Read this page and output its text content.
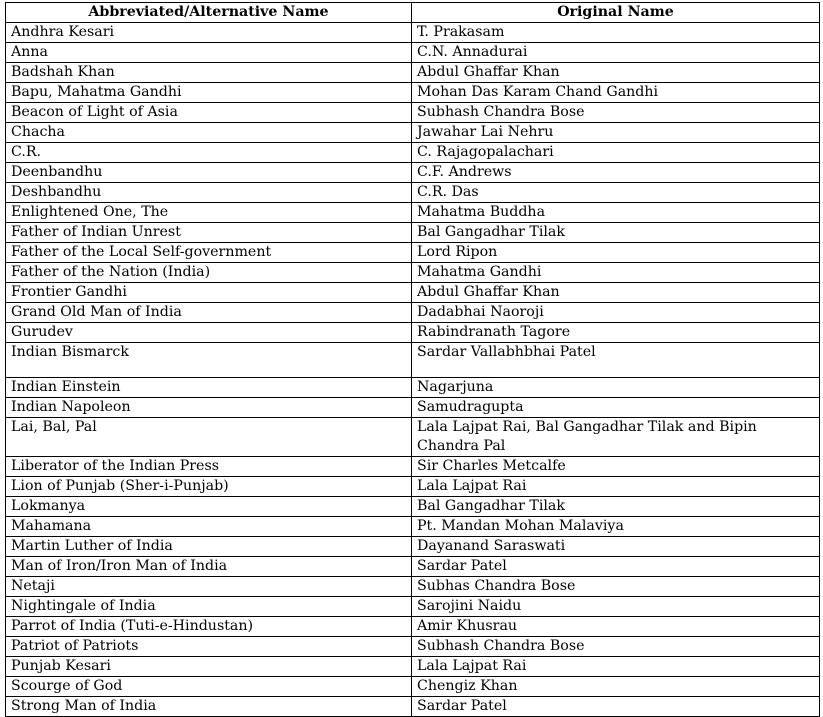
Abbreviated/Alternative Name	Original Name
Andhra Kesari	T. Prakasam
Anna	C.N. Annadurai
Badshah Khan	Abdul Ghaffar Khan
Bapu, Mahatma Gandhi	Mohan Das Karam Chand Gandhi
Beacon of Light of Asia	Subhash Chandra Bose
Chacha	Jawahar Lai Nehru
C.R.	C. Rajagopalachari
Deenbandhu	C.F. Andrews
Deshbandhu	C.R. Das
Enlightened One, The	Mahatma Buddha
Father of Indian Unrest	Bal Gangadhar Tilak
Father of the Local Self-government	Lord Ripon
Father of the Nation (India)	Mahatma Gandhi
Frontier Gandhi	Abdul Ghaffar Khan
Grand Old Man of India	Dadabhai Naoroji
Gurudev	Rabindranath Tagore
Indian Bismarck	Sardar Vallabhbhai Patel
Indian Einstein	Nagarjuna
Indian Napoleon	Samudragupta
Lai, Bal, Pal	Lala Lajpat Rai, Bal Gangadhar Tilak and Bipin Chandra Pal
Liberator of the Indian Press	Sir Charles Metcalfe
Lion of Punjab (Sher-i-Punjab)	Lala Lajpat Rai
Lokmanya	Bal Gangadhar Tilak
Mahamana	Pt. Mandan Mohan Malaviya
Martin Luther of India	Dayanand Saraswati
Man of Iron/Iron Man of India	Sardar Patel
Netaji	Subhas Chandra Bose
Nightingale of India	Sarojini Naidu
Parrot of India (Tuti-e-Hindustan)	Amir Khusrau
Patriot of Patriots	Subhash Chandra Bose
Punjab Kesari	Lala Lajpat Rai
Scourge of God	Chengiz Khan
Strong Man of India	Sardar Patel
